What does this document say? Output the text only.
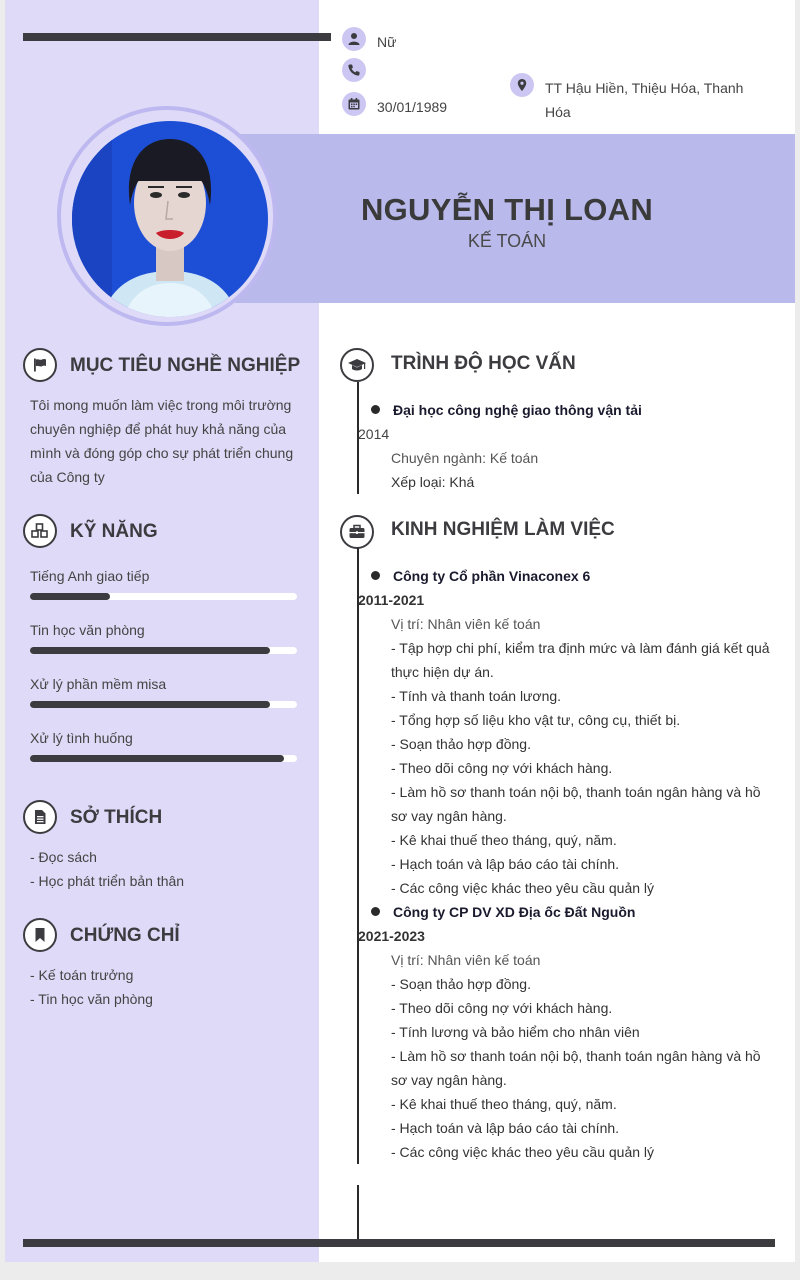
Nữ
30/01/1989
TT Hậu Hiền, Thiệu Hóa, Thanh Hóa
NGUYỄN THỊ LOAN
KẾ TOÁN
MỤC TIÊU NGHỀ NGHIỆP
Tôi mong muốn làm việc trong môi trường
chuyên nghiệp để phát huy khả năng của
mình và đóng góp cho sự phát triển chung
của Công ty
KỸ NĂNG
Tiếng Anh giao tiếp
Tin học văn phòng
Xử lý phần mềm misa
Xử lý tình huống
SỞ THÍCH
- Đọc sách
- Học phát triển bản thân
CHỨNG CHỈ
- Kế toán trưởng
- Tin học văn phòng
TRÌNH ĐỘ HỌC VẤN
Đại học công nghệ giao thông vận tải
2014
Chuyên ngành: Kế toán
Xếp loại: Khá
KINH NGHIỆM LÀM VIỆC
Công ty Cổ phần Vinaconex 6
2011-2021
Vị trí: Nhân viên kế toán
- Tập hợp chi phí, kiểm tra định mức và làm đánh giá kết quả thực hiện dự án.
- Tính và thanh toán lương.
- Tổng hợp số liệu kho vật tư, công cụ, thiết bị.
- Soạn thảo hợp đồng.
- Theo dõi công nợ với khách hàng.
- Làm hồ sơ thanh toán nội bộ, thanh toán ngân hàng và hồ sơ vay ngân hàng.
- Kê khai thuế theo tháng, quý, năm.
- Hạch toán và lập báo cáo tài chính.
- Các công việc khác theo yêu cầu quản lý
Công ty CP DV XD Địa ốc Đất Nguồn
2021-2023
Vị trí: Nhân viên kế toán
- Soạn thảo hợp đồng.
- Theo dõi công nợ với khách hàng.
- Tính lương và bảo hiểm cho nhân viên
- Làm hồ sơ thanh toán nội bộ, thanh toán ngân hàng và hồ sơ vay ngân hàng.
- Kê khai thuế theo tháng, quý, năm.
- Hạch toán và lập báo cáo tài chính.
- Các công việc khác theo yêu cầu quản lý
